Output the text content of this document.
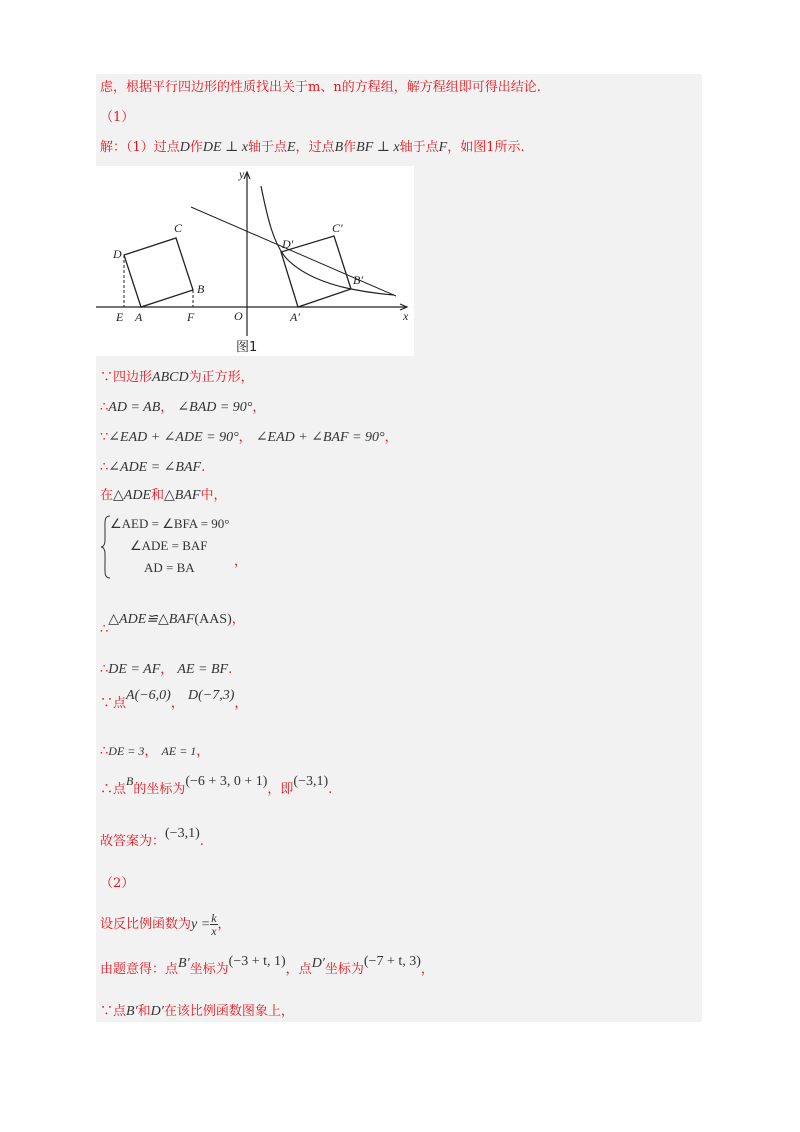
虑，根据平行四边形的性质找出关于m、n的方程组，解方程组即可得出结论.
（1）
解：（1）过点D作DE ⊥ x轴于点E，过点B作BF ⊥ x轴于点F，如图1所示.
y
x
O
C
D
B
E A	F
C′
D′
B′
A′
图1
∵四边形ABCD为正方形，
∴AD = AB， ∠BAD = 90°，
∵∠EAD + ∠ADE = 90°， ∠EAD + ∠BAF = 90°，
∴∠ADE = ∠BAF.
在△ADE和△BAF中，
∠AED = ∠BFA = 90°
∠ADE = BAF
AD = BA	，
∴△ADE≌△BAF(AAS)，
∴DE = AF， AE = BF.
∵点A(−6,0)， D(−7,3)，
∴DE = 3， AE = 1，
∴点B的坐标为(−6 + 3, 0 + 1)，即(−3,1).
故答案为：(−3,1).
（2）
设反比例函数为$y = \frac{k}{x}$ ，
由题意得：点B′坐标为(−3 + t, 1)，点D′坐标为(−7 + t, 3)，
∵点B′和D′在该比例函数图象上，
